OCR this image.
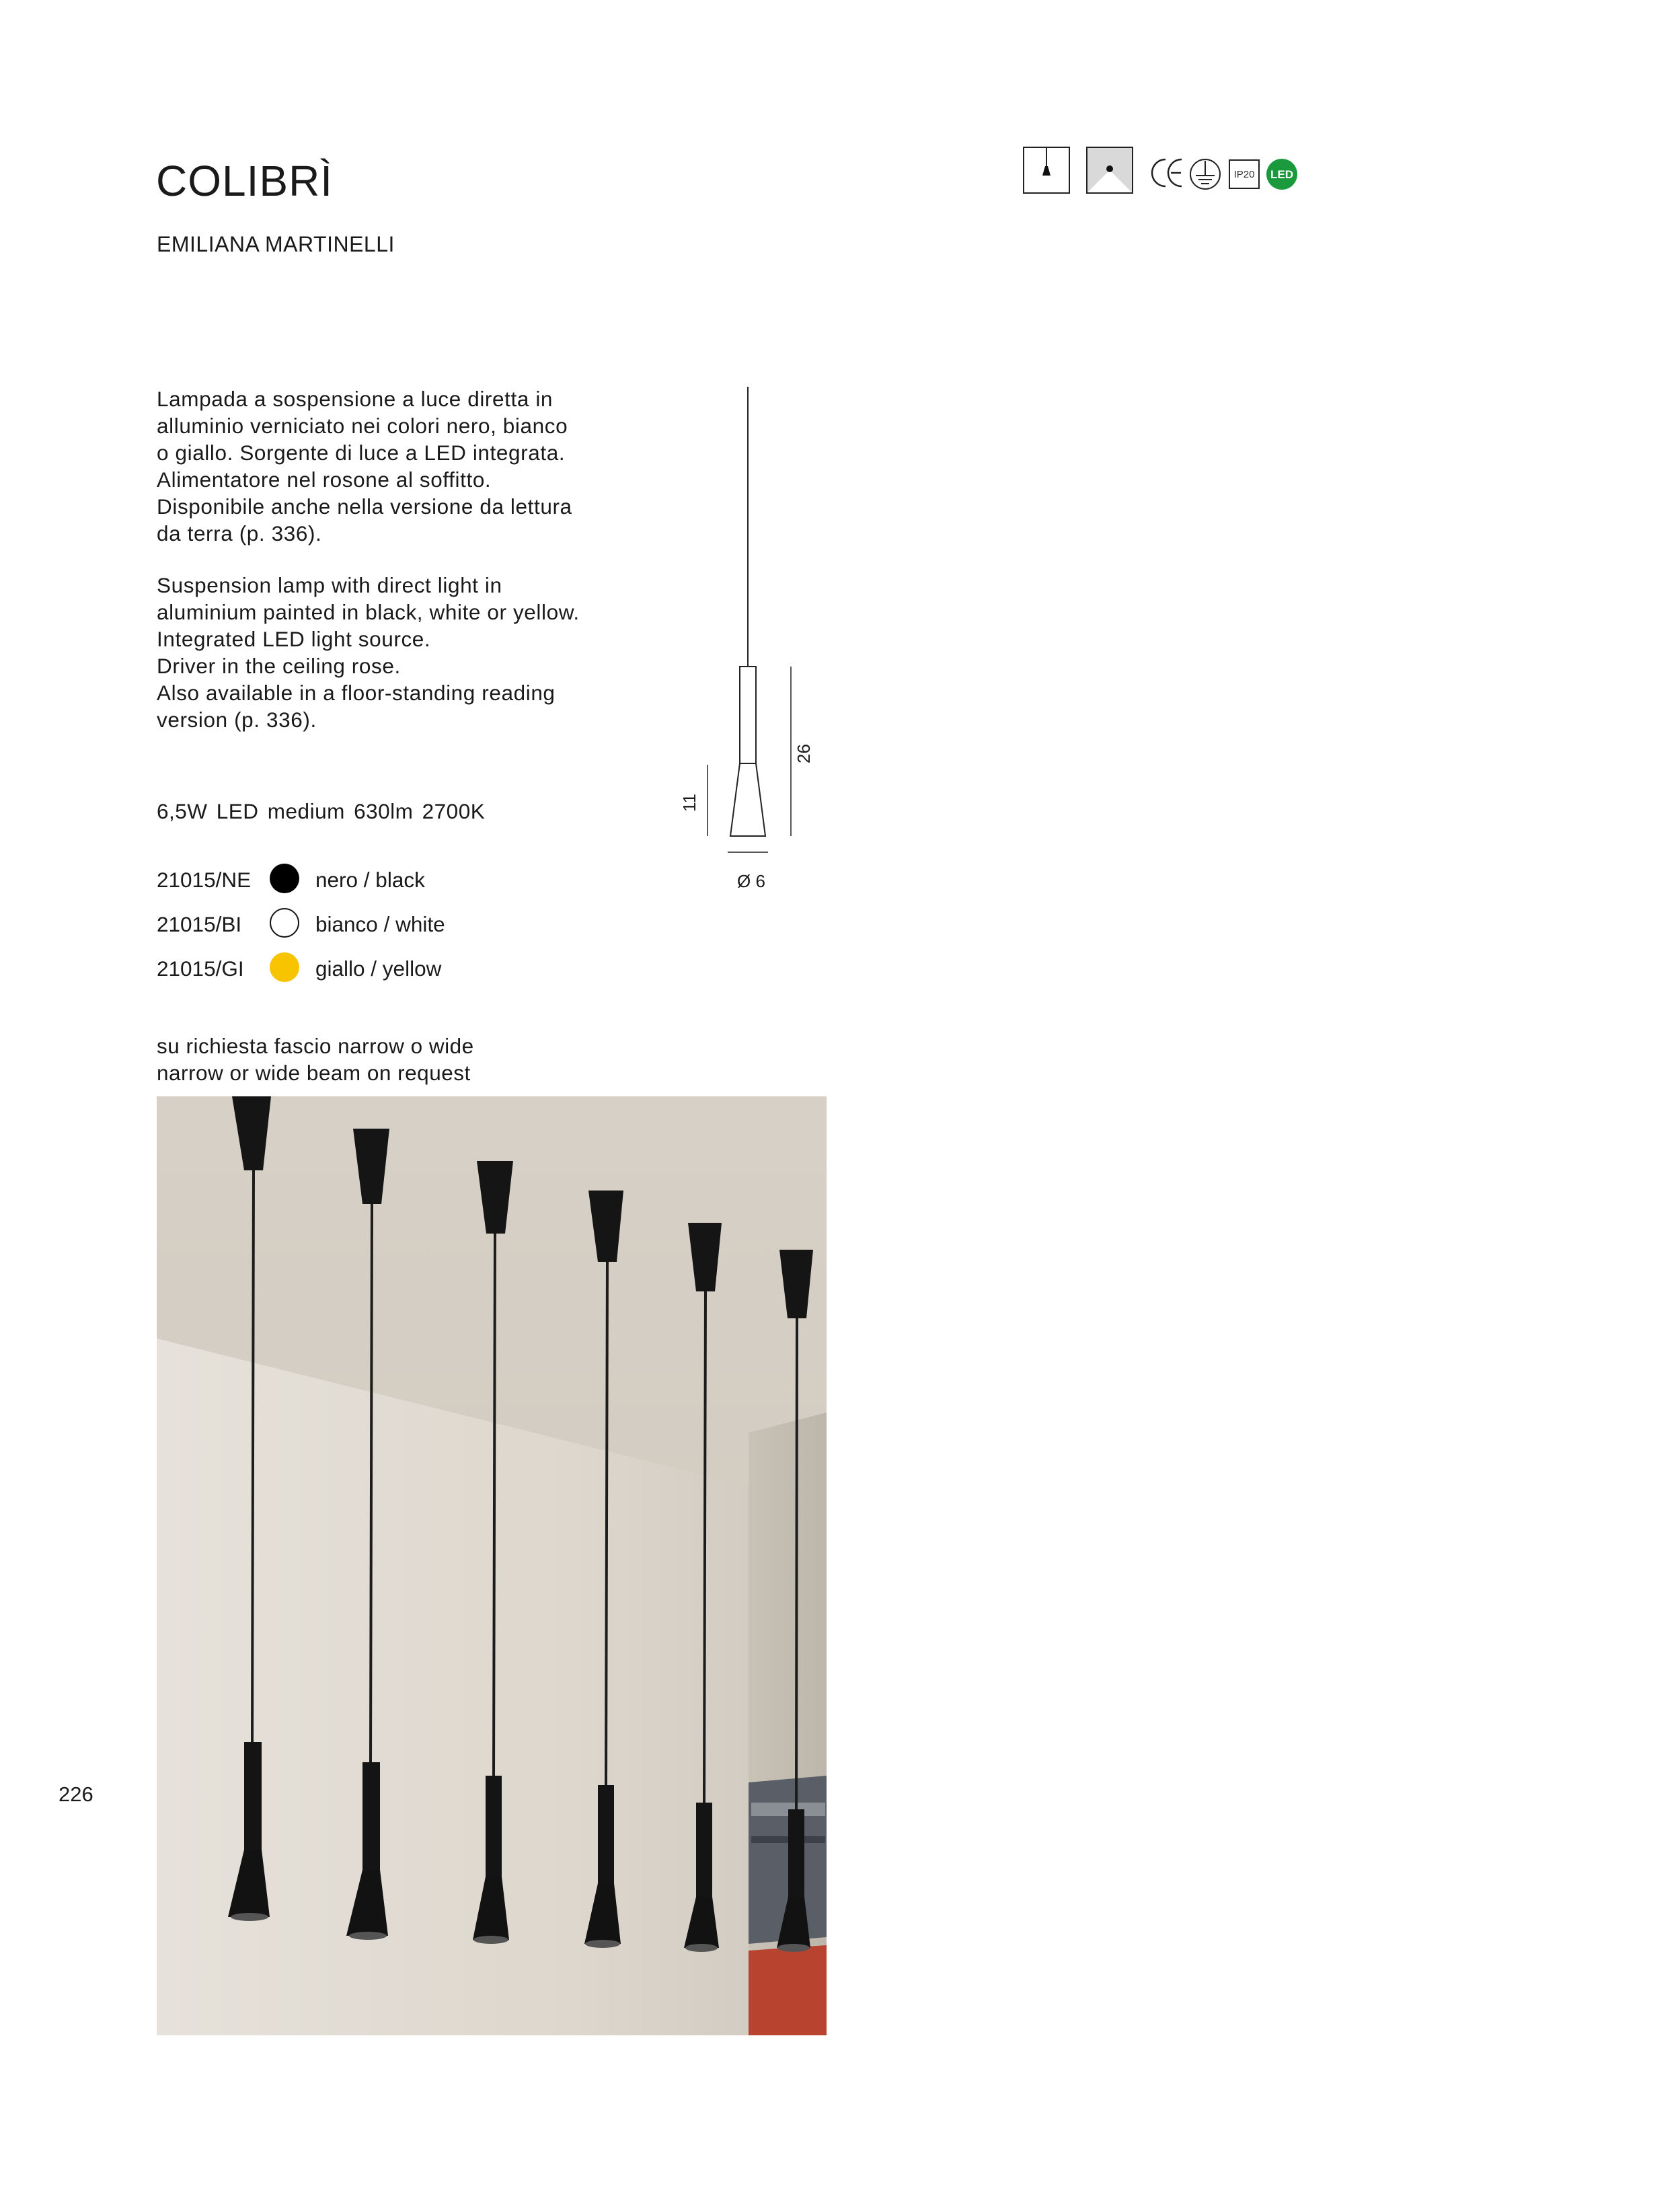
COLIBRÌ
EMILIANA MARTINELLI
IP20	LED
Lampada a sospensione a luce diretta in
alluminio verniciato nei colori nero, bianco
o giallo. Sorgente di luce a LED integrata.
Alimentatore nel rosone al soffitto.
Disponibile anche nella versione da lettura
da terra (p. 336).
Suspension lamp with direct light in
aluminium painted in black, white or yellow.
Integrated LED light source.
Driver in the ceiling rose.
Also available in a floor-standing reading
version (p. 336).
6,5W LED medium 630lm 2700K
21015/NE	nero / black
21015/BI	bianco / white
21015/GI	giallo / yellow
su richiesta fascio narrow o wide
narrow or wide beam on request
26
11
Ø 6
226
